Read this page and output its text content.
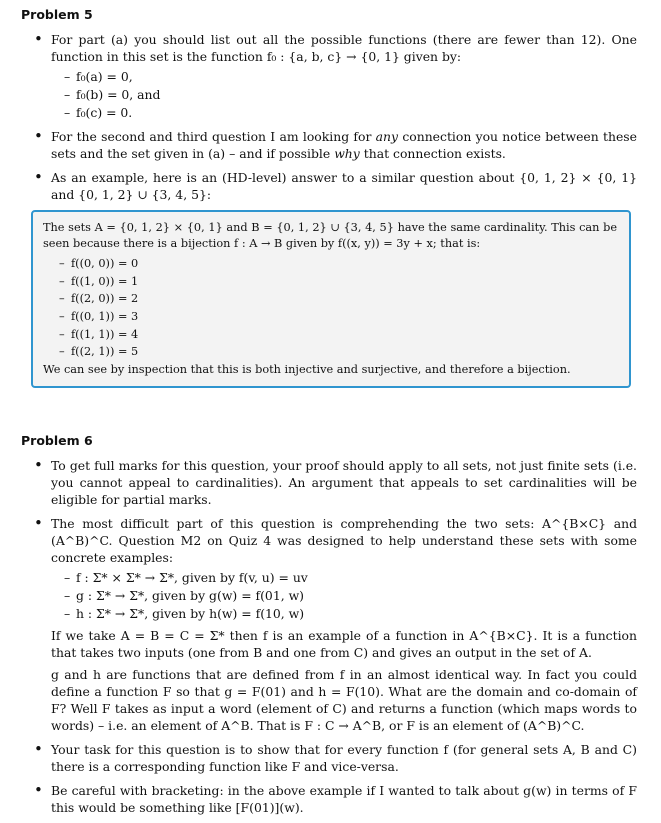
Problem 5
• For part (a) you should list out all the possible functions (there are fewer than 12). One function in this set is the function f₀ : {a, b, c} → {0, 1} given by:
– f₀(a) = 0,
– f₀(b) = 0, and
– f₀(c) = 0.
• For the second and third question I am looking for any connection you notice between these sets and the set given in (a) – and if possible why that connection exists.
• As an example, here is an (HD-level) answer to a similar question about {0, 1, 2} × {0, 1} and {0, 1, 2} ∪ {3, 4, 5}:
The sets A = {0, 1, 2} × {0, 1} and B = {0, 1, 2} ∪ {3, 4, 5} have the same cardinality. This can be seen because there is a bijection f : A → B given by f((x, y)) = 3y + x; that is:
– f((0, 0)) = 0
– f((1, 0)) = 1
– f((2, 0)) = 2
– f((0, 1)) = 3
– f((1, 1)) = 4
– f((2, 1)) = 5
We can see by inspection that this is both injective and surjective, and therefore a bijection.
Problem 6
• To get full marks for this question, your proof should apply to all sets, not just finite sets (i.e. you cannot appeal to cardinalities). An argument that appeals to set cardinalities will be eligible for partial marks.
• The most difficult part of this question is comprehending the two sets: A^{B×C} and (A^B)^C. Question M2 on Quiz 4 was designed to help understand these sets with some concrete examples:
– f : Σ* × Σ* → Σ*, given by f(v, u) = uv
– g : Σ* → Σ*, given by g(w) = f(01, w)
– h : Σ* → Σ*, given by h(w) = f(10, w)
If we take A = B = C = Σ* then f is an example of a function in A^{B×C}. It is a function that takes two inputs (one from B and one from C) and gives an output in the set of A.
g and h are functions that are defined from f in an almost identical way. In fact you could define a function F so that g = F(01) and h = F(10). What are the domain and co-domain of F? Well F takes as input a word (element of C) and returns a function (which maps words to words) – i.e. an element of A^B. That is F : C → A^B, or F is an element of (A^B)^C.
• Your task for this question is to show that for every function f (for general sets A, B and C) there is a corresponding function like F and vice-versa.
• Be careful with bracketing: in the above example if I wanted to talk about g(w) in terms of F this would be something like [F(01)](w).
